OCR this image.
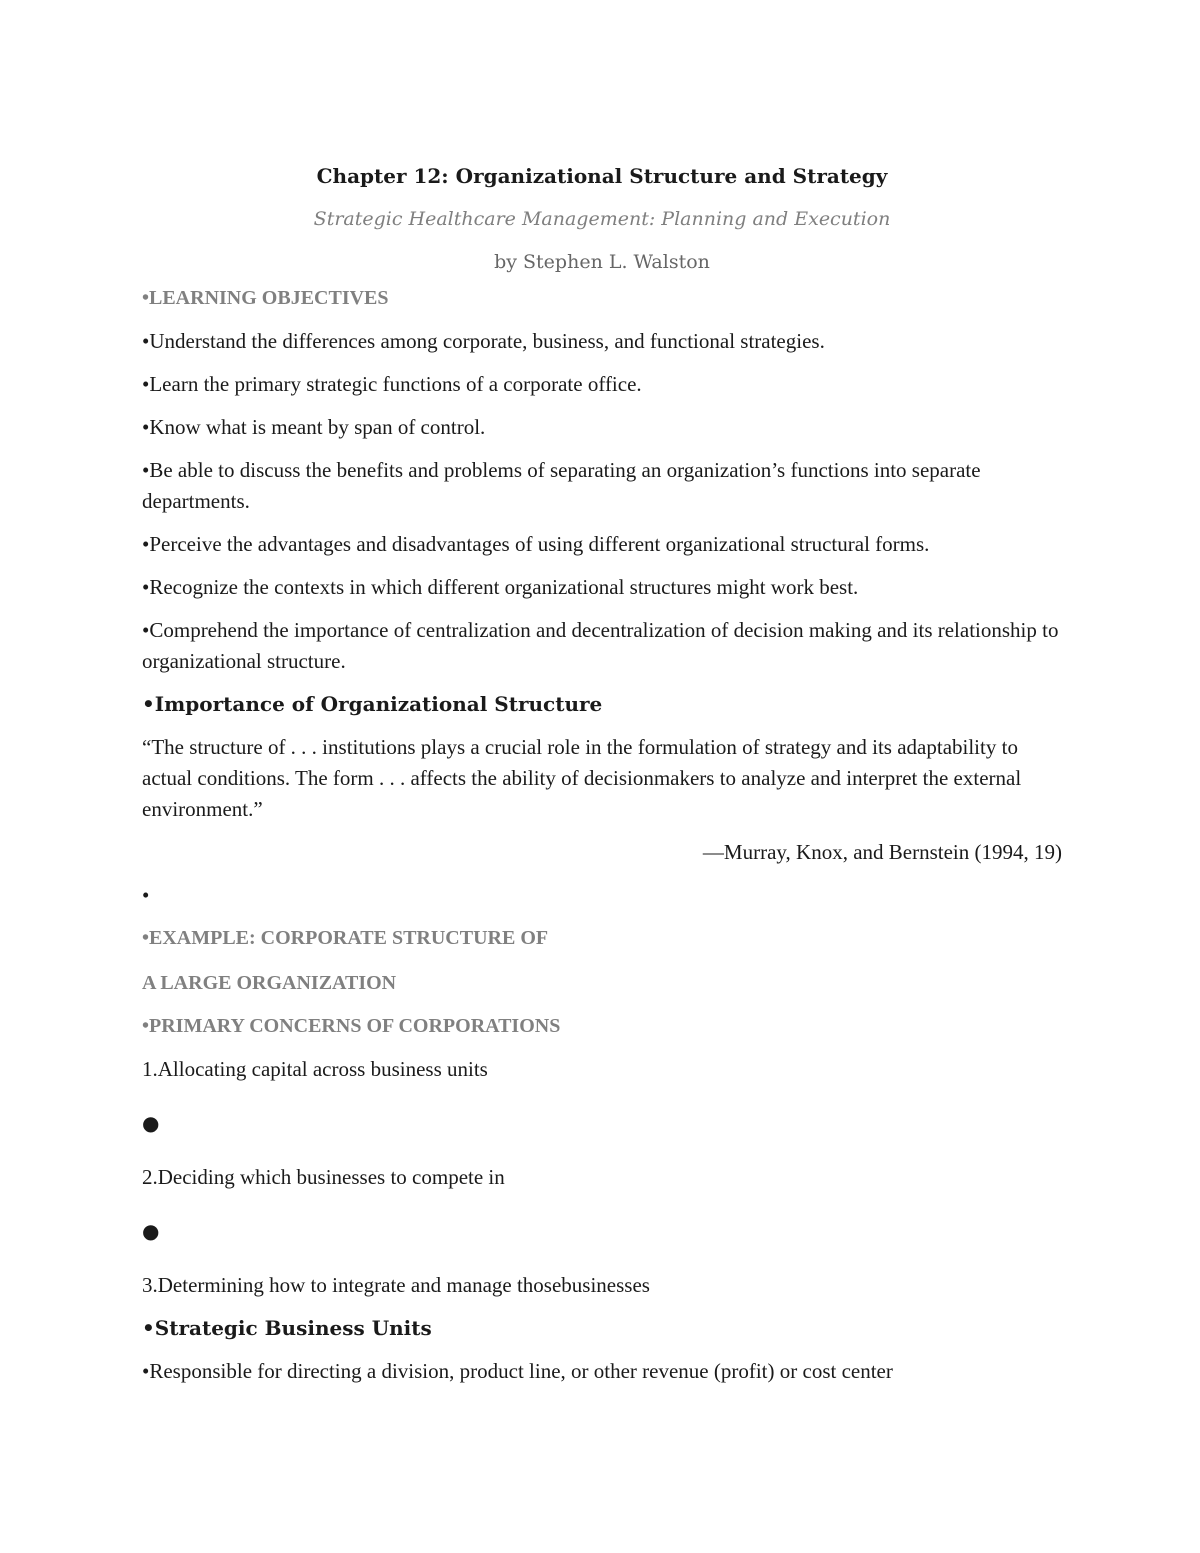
Chapter 12: Organizational Structure and Strategy

Strategic Healthcare Management: Planning and Execution

by Stephen L. Walston

•LEARNING OBJECTIVES

•Understand the differences among corporate, business, and functional strategies.

•Learn the primary strategic functions of a corporate office.

•Know what is meant by span of control.

•Be able to discuss the benefits and problems of separating an organization’s functions into separate departments.

•Perceive the advantages and disadvantages of using different organizational structural forms.

•Recognize the contexts in which different organizational structures might work best.

•Comprehend the importance of centralization and decentralization of decision making and its relationship to organizational structure.

•Importance of Organizational Structure

“The structure of . . . institutions plays a crucial role in the formulation of strategy and its adaptability to actual conditions. The form . . . affects the ability of decisionmakers to analyze and interpret the external environment.”

—Murray, Knox, and Bernstein (1994, 19)

•

•EXAMPLE: CORPORATE STRUCTURE OF

A LARGE ORGANIZATION

•PRIMARY CONCERNS OF CORPORATIONS

1.Allocating capital across business units

●

2.Deciding which businesses to compete in

●

3.Determining how to integrate and manage thosebusinesses

•Strategic Business Units

•Responsible for directing a division, product line, or other revenue (profit) or cost center
